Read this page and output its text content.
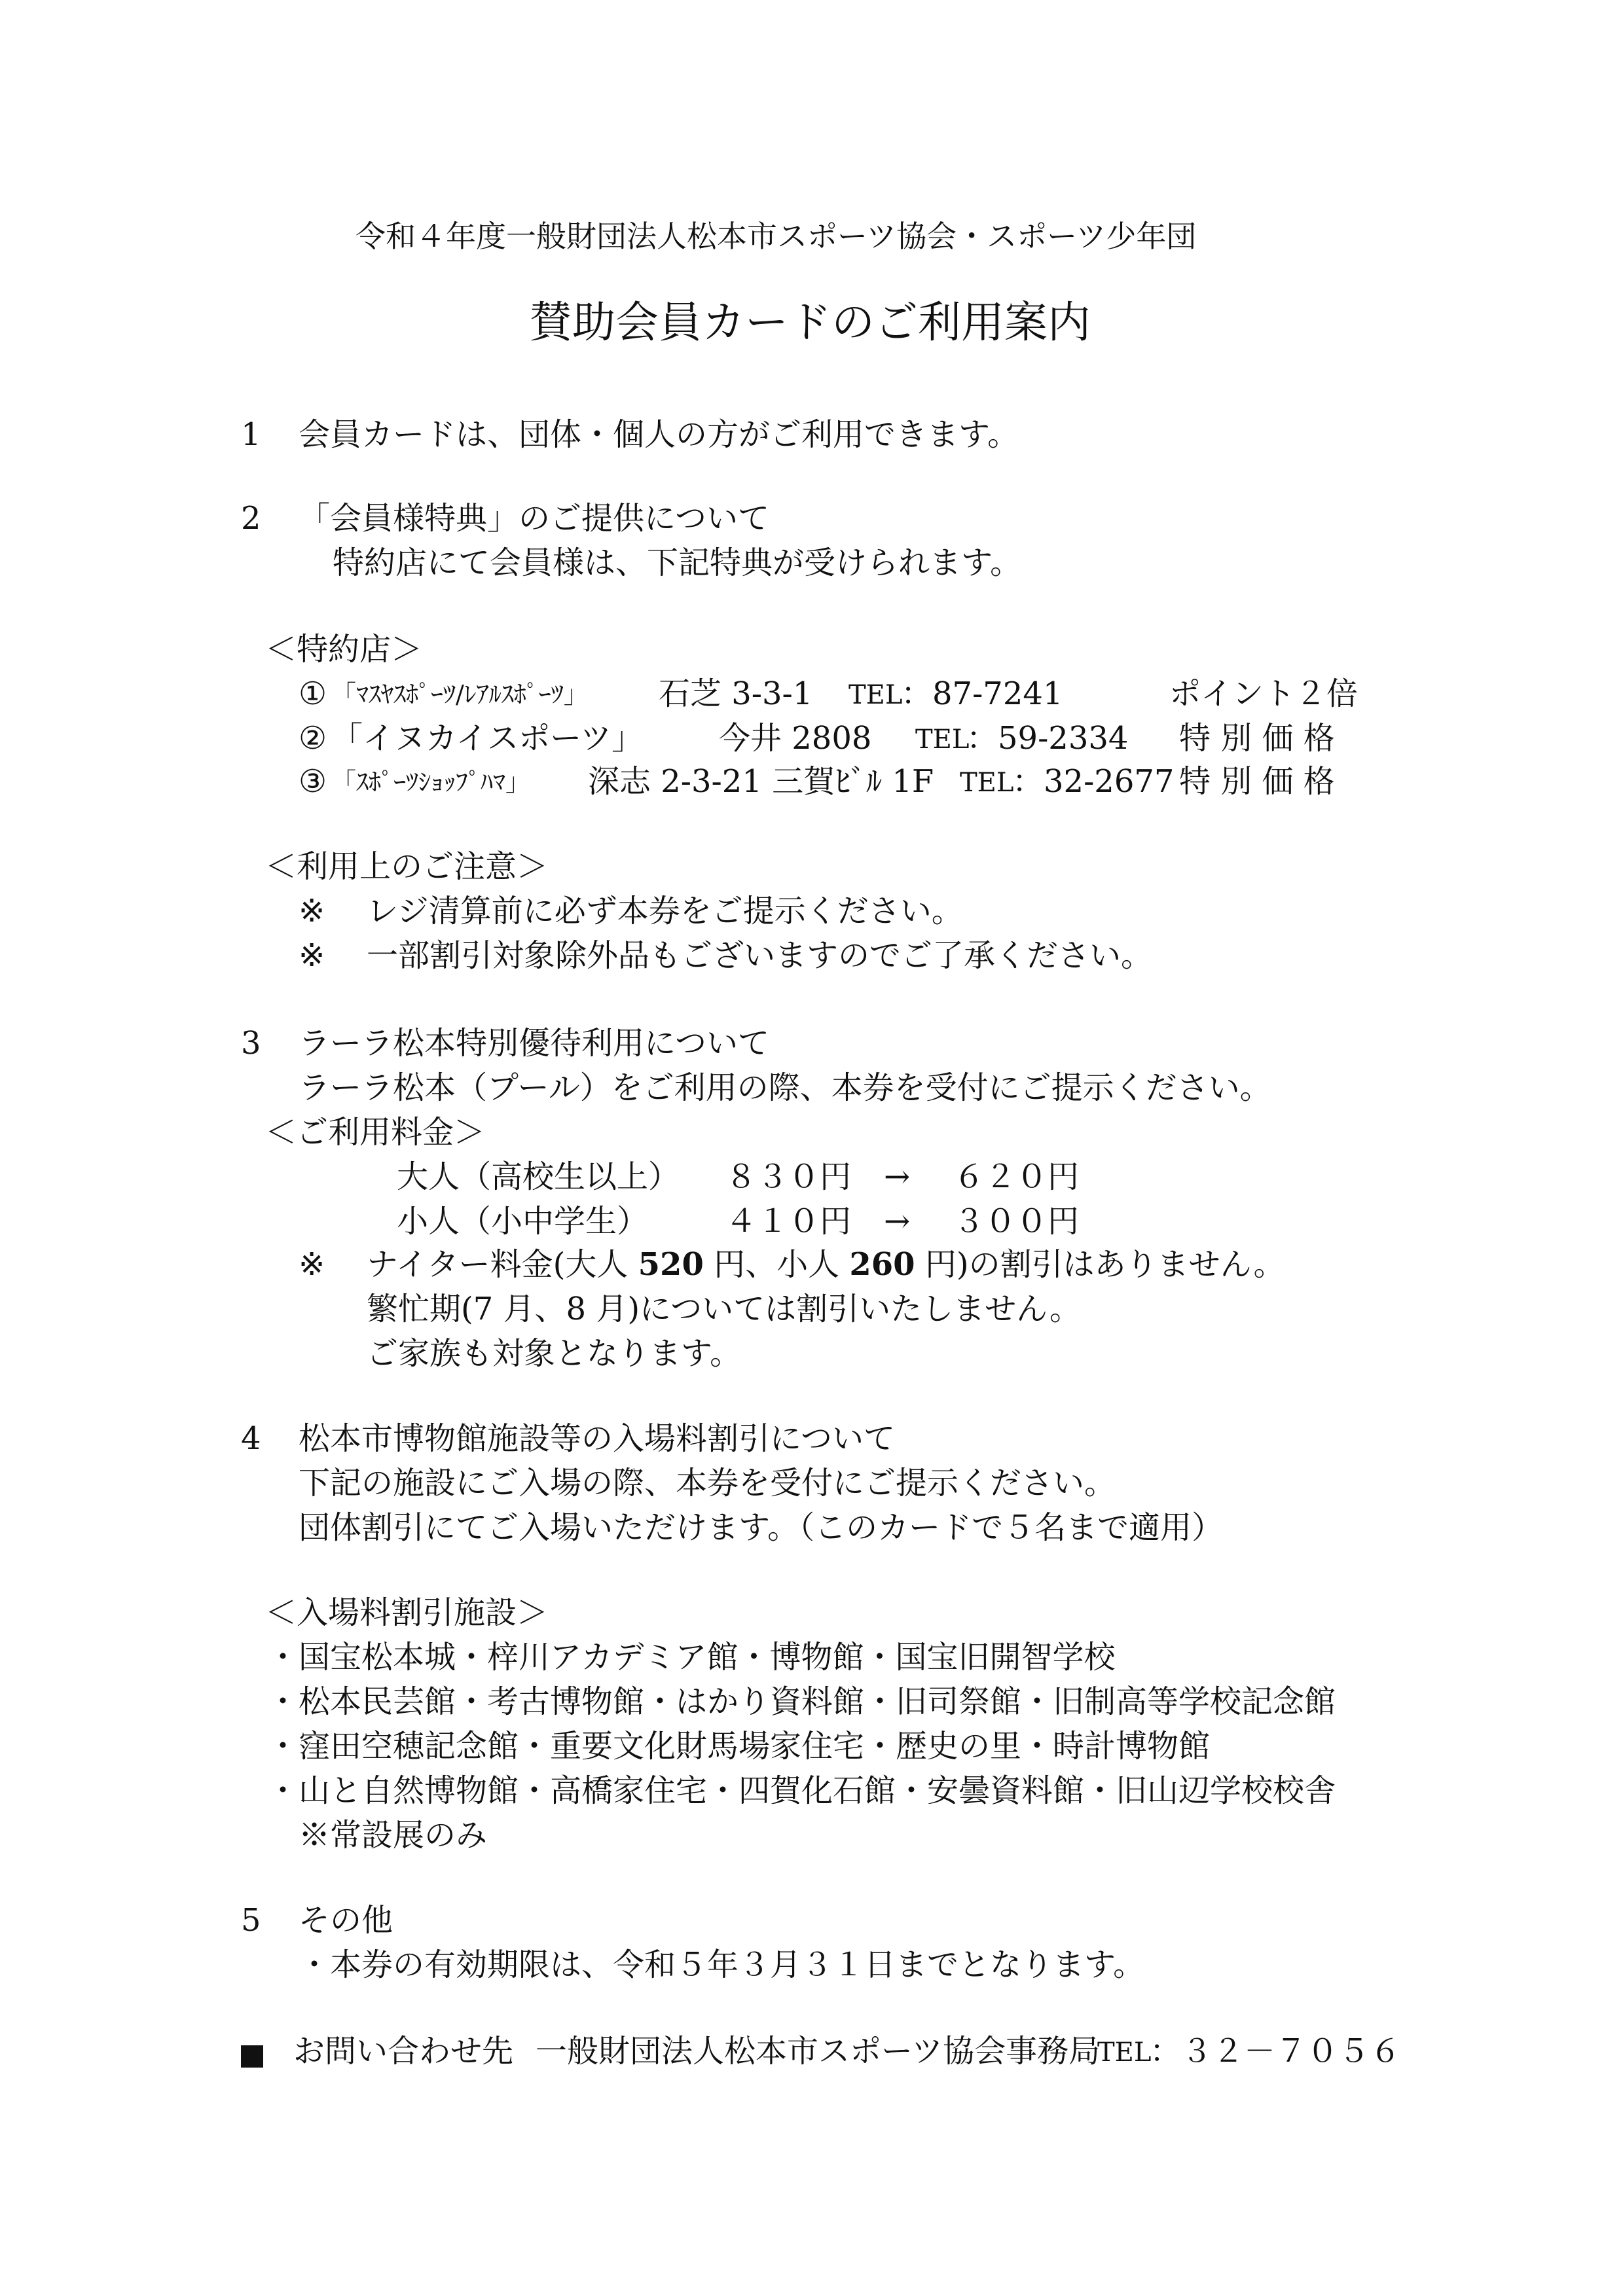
令和４年度一般財団法人松本市スポーツ協会・スポーツ少年団
賛助会員カードのご利用案内
1 会員カードは、団体・個人の方がご利用できます。
2 「会員様特典」のご提供について
特約店にて会員様は、下記特典が受けられます。
＜特約店＞
① 「ﾏｽﾔｽﾎﾟｰﾂ/ﾚｱﾙｽﾎﾟｰﾂ」 石芝 3-3-1 TEL
：87-7241	ポイント２倍
② 「イヌカイスポーツ」 今井 2808 TEL
：59-2334 特 別 価 格
③ 「ｽﾎﾟｰﾂｼｮｯﾌﾟﾊﾏ」 深志 2-3-21 三賀ﾋﾞﾙ 1F TEL
：32-2677 特 別 価 格
＜利用上のご注意＞
※ レジ清算前に必ず本券をご提示ください。
※ 一部割引対象除外品もございますのでご了承ください。
3 ラーラ松本特別優待利用について
ラーラ松本（プール）をご利用の際、本券を受付にご提示ください。
＜ご利用料金＞
大人（高校生以上） ８３０円 → ６２０円
小人（小中学生） ４１０円 → ３００円
※ ナイター料金(大人 520 円、小人 260 円)の割引はありません。
繁忙期(7 月、8 月)については割引いたしません。
ご家族も対象となります。
4 松本市博物館施設等の入場料割引について
下記の施設にご入場の際、本券を受付にご提示ください。
団体割引にてご入場いただけます。（このカードで５名まで適用）
＜入場料割引施設＞
・国宝松本城・梓川アカデミア館・博物館・国宝旧開智学校
・松本民芸館・考古博物館・はかり資料館・旧司祭館・旧制高等学校記念館
・窪田空穂記念館・重要文化財馬場家住宅・歴史の里・時計博物館
・山と自然博物館・高橋家住宅・四賀化石館・安曇資料館・旧山辺学校校舎
※常設展のみ
5 その他
・本券の有効期限は、令和５年３月３１日までとなります。
お問い合わせ先 一般財団法人松本市スポーツ協会事務局
TEL
：３２－７０５６
